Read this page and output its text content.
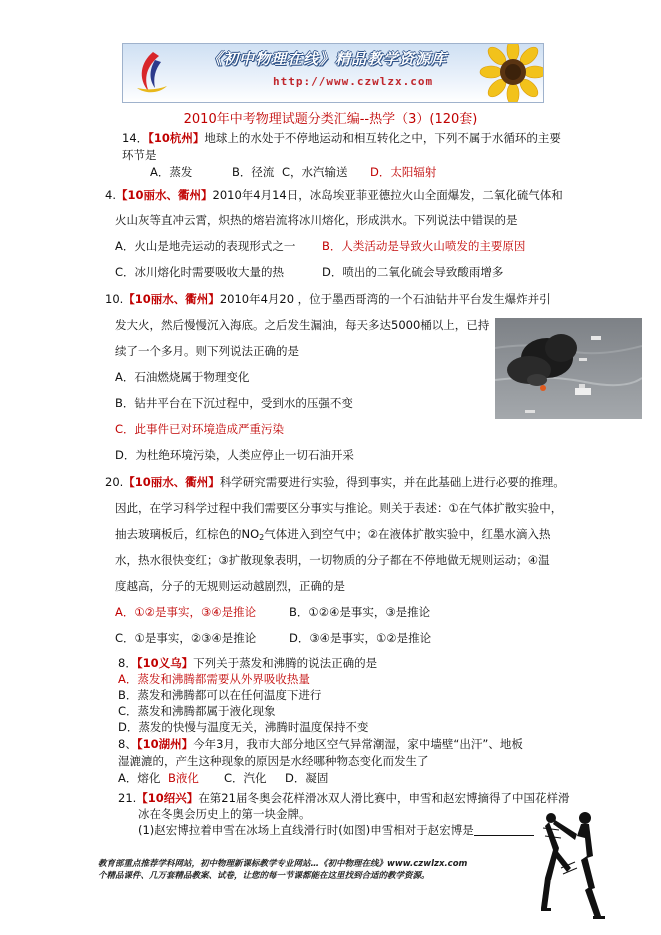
《初中物理在线》精品教学资源库
http://www.czwlzx.com
2010年中考物理试题分类汇编--热学（3）(120套)
14．【10杭州】地球上的水处于不停地运动和相互转化之中，下列不属于水循环的主要
环节是
A．蒸发	B．径流 C，水汽输送 D．太阳辐射
4.【10丽水、衢州】2010年4月14日，冰岛埃亚菲亚德拉火山全面爆发，二氧化硫气体和
火山灰等直冲云霄，炽热的熔岩流将冰川熔化，形成洪水。下列说法中错误的是
A．火山是地壳运动的表现形式之一 B．人类活动是导致火山喷发的主要原因
C．冰川熔化时需要吸收大量的热	D．喷出的二氧化硫会导致酸雨增多
10.【10丽水、衢州】2010年4月20 ，位于墨西哥湾的一个石油钻井平台发生爆炸并引
发大火，然后慢慢沉入海底。之后发生漏油，每天多达5000桶以上，已持
续了一个多月。则下列说法正确的是
A．石油燃烧属于物理变化
B．钻井平台在下沉过程中，受到水的压强不变
C．此事件已对环境造成严重污染
D．为杜绝环境污染，人类应停止一切石油开采
20.【10丽水、衢州】科学研究需要进行实验，得到事实，并在此基础上进行必要的推理。
因此，在学习科学过程中我们需要区分事实与推论。则关于表述：①在气体扩散实验中，
抽去玻璃板后，红棕色的$NO_2$气体进入到空气中；②在液体扩散实验中，红墨水滴入热
水，热水很快变红；③扩散现象表明，一切物质的分子都在不停地做无规则运动；④温
度越高，分子的无规则运动越剧烈，正确的是
A．①②是事实，③④是推论	B．①②④是事实，③是推论
C．①是事实，②③④是推论	D．③④是事实，①②是推论
8．【10义乌】下列关于蒸发和沸腾的说法正确的是
A．蒸发和沸腾都需要从外界吸收热量
B．蒸发和沸腾都可以在任何温度下进行
C．蒸发和沸腾都属于液化现象
D．蒸发的快慢与温度无关，沸腾时温度保持不变
8、【10湖州】今年3月，我市大部分地区空气异常潮湿，家中墙壁“出汗”、地板
湿漉漉的，产生这种现象的原因是水经哪种物态变化而发生了
A．熔化 B液化 C．汽化 D．凝固
21.【10绍兴】在第21届冬奥会花样滑冰双人滑比赛中，申雪和赵宏博摘得了中国花样滑
冰在冬奥会历史上的第一块金牌。
(1)赵宏博拉着申雪在冰场上直线滑行时(如图)申雪相对于赵宏博是
教育部重点推荐学科网站，初中物理新课标教学专业网站…《初中物理在线》www.czwlzx.com
个精品课件、几万套精品教案、试卷，让您的每一节课都能在这里找到合适的教学资源。
